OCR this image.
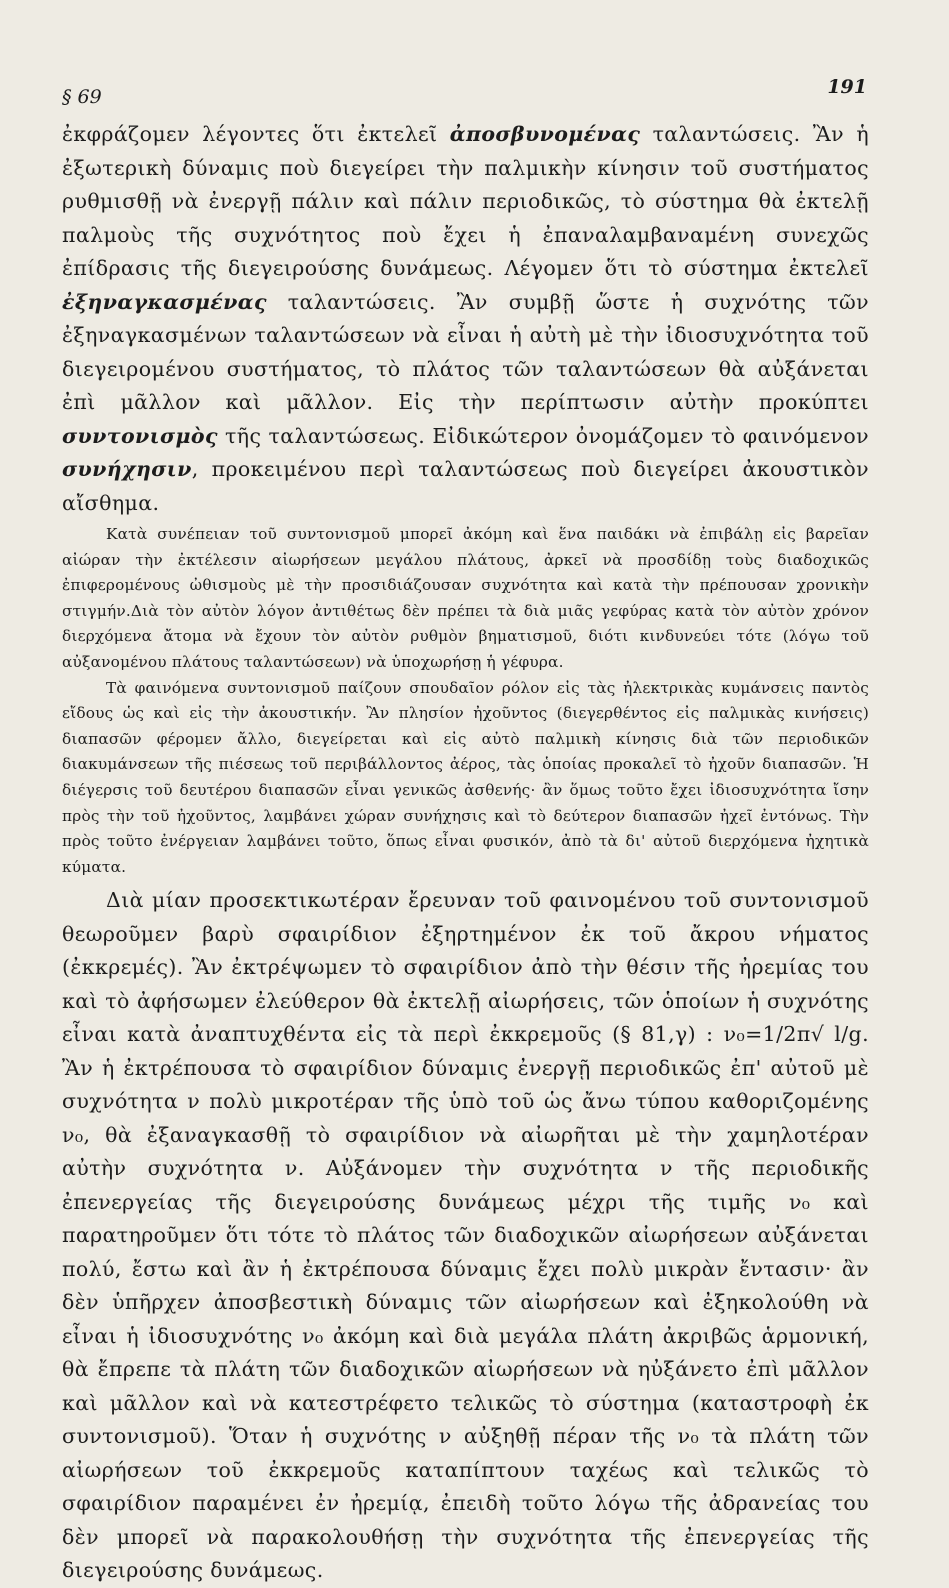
§ 69	191

ἐκφράζομεν λέγοντες ὅτι ἐκτελεῖ ἀποσβυνομένας ταλαντώσεις. Ἂν ἡ ἐξωτερικὴ δύναμις ποὺ διεγείρει τὴν παλμικὴν κίνησιν τοῦ συστήματος ρυθμισθῇ νὰ ἐνεργῇ πάλιν καὶ πάλιν περιοδικῶς, τὸ σύστημα θὰ ἐκτελῇ παλμοὺς τῆς συχνότητος ποὺ ἔχει ἡ ἐπαναλαμβαναμένη συνεχῶς ἐπίδρασις τῆς διεγειρούσης δυνάμεως. Λέγομεν ὅτι τὸ σύστημα ἐκτελεῖ ἐξηναγκασμένας ταλαντώσεις. Ἂν συμβῇ ὥστε ἡ συχνότης τῶν ἐξηναγκασμένων ταλαντώσεων νὰ εἶναι ἡ αὐτὴ μὲ τὴν ἰδιοσυχνότητα τοῦ διεγειρομένου συστήματος, τὸ πλάτος τῶν ταλαντώσεων θὰ αὐξάνεται ἐπὶ μᾶλλον καὶ μᾶλλον. Εἰς τὴν περίπτωσιν αὐτὴν προκύπτει συντονισμὸς τῆς ταλαντώσεως. Εἰδικώτερον ὀνομάζομεν τὸ φαινόμενον συνήχησιν, προκειμένου περὶ ταλαντώσεως ποὺ διεγείρει ἀκουστικὸν αἴσθημα.

Κατὰ συνέπειαν τοῦ συντονισμοῦ μπορεῖ ἀκόμη καὶ ἕνα παιδάκι νὰ ἐπιβάλῃ εἰς βαρεῖαν αἰώραν τὴν ἐκτέλεσιν αἰωρήσεων μεγάλου πλάτους, ἀρκεῖ νὰ προσδίδῃ τοὺς διαδοχικῶς ἐπιφερομένους ὠθισμοὺς μὲ τὴν προσιδιάζουσαν συχνότητα καὶ κατὰ τὴν πρέπουσαν χρονικὴν στιγμήν.Διὰ τὸν αὐτὸν λόγον ἀντιθέτως δὲν πρέπει τὰ διὰ μιᾶς γεφύρας κατὰ τὸν αὐτὸν χρόνον διερχόμενα ἄτομα νὰ ἔχουν τὸν αὐτὸν ρυθμὸν βηματισμοῦ, διότι κινδυνεύει τότε (λόγω τοῦ αὐξανομένου πλάτους ταλαντώσεων) νὰ ὑποχωρήσῃ ἡ γέφυρα.

Τὰ φαινόμενα συντονισμοῦ παίζουν σπουδαῖον ρόλον εἰς τὰς ἠλεκτρικὰς κυμάνσεις παντὸς εἴδους ὡς καὶ εἰς τὴν ἀκουστικήν. Ἂν πλησίον ἠχοῦντος (διεγερθέντος εἰς παλμικὰς κινήσεις) διαπασῶν φέρομεν ἄλλο, διεγείρεται καὶ εἰς αὐτὸ παλμικὴ κίνησις διὰ τῶν περιοδικῶν διακυμάνσεων τῆς πιέσεως τοῦ περιβάλλοντος ἀέρος, τὰς ὁποίας προκαλεῖ τὸ ἠχοῦν διαπασῶν. Ἡ διέγερσις τοῦ δευτέρου διαπασῶν εἶναι γενικῶς ἀσθενής· ἂν ὅμως τοῦτο ἔχει ἰδιοσυχνότητα ἴσην πρὸς τὴν τοῦ ἠχοῦντος, λαμβάνει χώραν συνήχησις καὶ τὸ δεύτερον διαπασῶν ἠχεῖ ἐντόνως. Τὴν πρὸς τοῦτο ἐνέργειαν λαμβάνει τοῦτο, ὅπως εἶναι φυσικόν, ἀπὸ τὰ δι' αὐτοῦ διερχόμενα ἠχητικὰ κύματα.

Διὰ μίαν προσεκτικωτέραν ἔρευναν τοῦ φαινομένου τοῦ συντονισμοῦ θεωροῦμεν βαρὺ σφαιρίδιον ἐξηρτημένον ἐκ τοῦ ἄκρου νήματος (ἐκκρεμές). Ἂν ἐκτρέψωμεν τὸ σφαιρίδιον ἀπὸ τὴν θέσιν τῆς ἠρεμίας του καὶ τὸ ἀφήσωμεν ἐλεύθερον θὰ ἐκτελῇ αἰωρήσεις, τῶν ὁποίων ἡ συχνότης εἶναι κατὰ ἀναπτυχθέντα εἰς τὰ περὶ ἐκκρεμοῦς (§ 81,γ) : ν₀=1/2π√ l/g. Ἂν ἡ ἐκτρέπουσα τὸ σφαιρίδιον δύναμις ἐνεργῇ περιοδικῶς ἐπ' αὐτοῦ μὲ συχνότητα ν πολὺ μικροτέραν τῆς ὑπὸ τοῦ ὡς ἄνω τύπου καθοριζομένης ν₀, θὰ ἐξαναγκασθῇ τὸ σφαιρίδιον νὰ αἰωρῆται μὲ τὴν χαμηλοτέραν αὐτὴν συχνότητα ν. Αὐξάνομεν τὴν συχνότητα ν τῆς περιοδικῆς ἐπενεργείας τῆς διεγειρούσης δυνάμεως μέχρι τῆς τιμῆς ν₀ καὶ παρατηροῦμεν ὅτι τότε τὸ πλάτος τῶν διαδοχικῶν αἰωρήσεων αὐξάνεται πολύ, ἔστω καὶ ἂν ἡ ἐκτρέπουσα δύναμις ἔχει πολὺ μικρὰν ἔντασιν· ἂν δὲν ὑπῆρχεν ἀποσβεστικὴ δύναμις τῶν αἰωρήσεων καὶ ἐξηκολούθη νὰ εἶναι ἡ ἰδιοσυχνότης ν₀ ἀκόμη καὶ διὰ μεγάλα πλάτη ἀκριβῶς ἁρμονική, θὰ ἔπρεπε τὰ πλάτη τῶν διαδοχικῶν αἰωρήσεων νὰ ηὐξάνετο ἐπὶ μᾶλλον καὶ μᾶλλον καὶ νὰ κατεστρέφετο τελικῶς τὸ σύστημα (καταστροφὴ ἐκ συντονισμοῦ). Ὅταν ἡ συχνότης ν αὐξηθῇ πέραν τῆς ν₀ τὰ πλάτη τῶν αἰωρήσεων τοῦ ἐκκρεμοῦς καταπίπτουν ταχέως καὶ τελικῶς τὸ σφαιρίδιον παραμένει ἐν ἠρεμίᾳ, ἐπειδὴ τοῦτο λόγω τῆς ἀδρανείας του δὲν μπορεῖ νὰ παρακολουθήσῃ τὴν συχνότητα τῆς ἐπενεργείας τῆς διεγειρούσης δυνάμεως.
